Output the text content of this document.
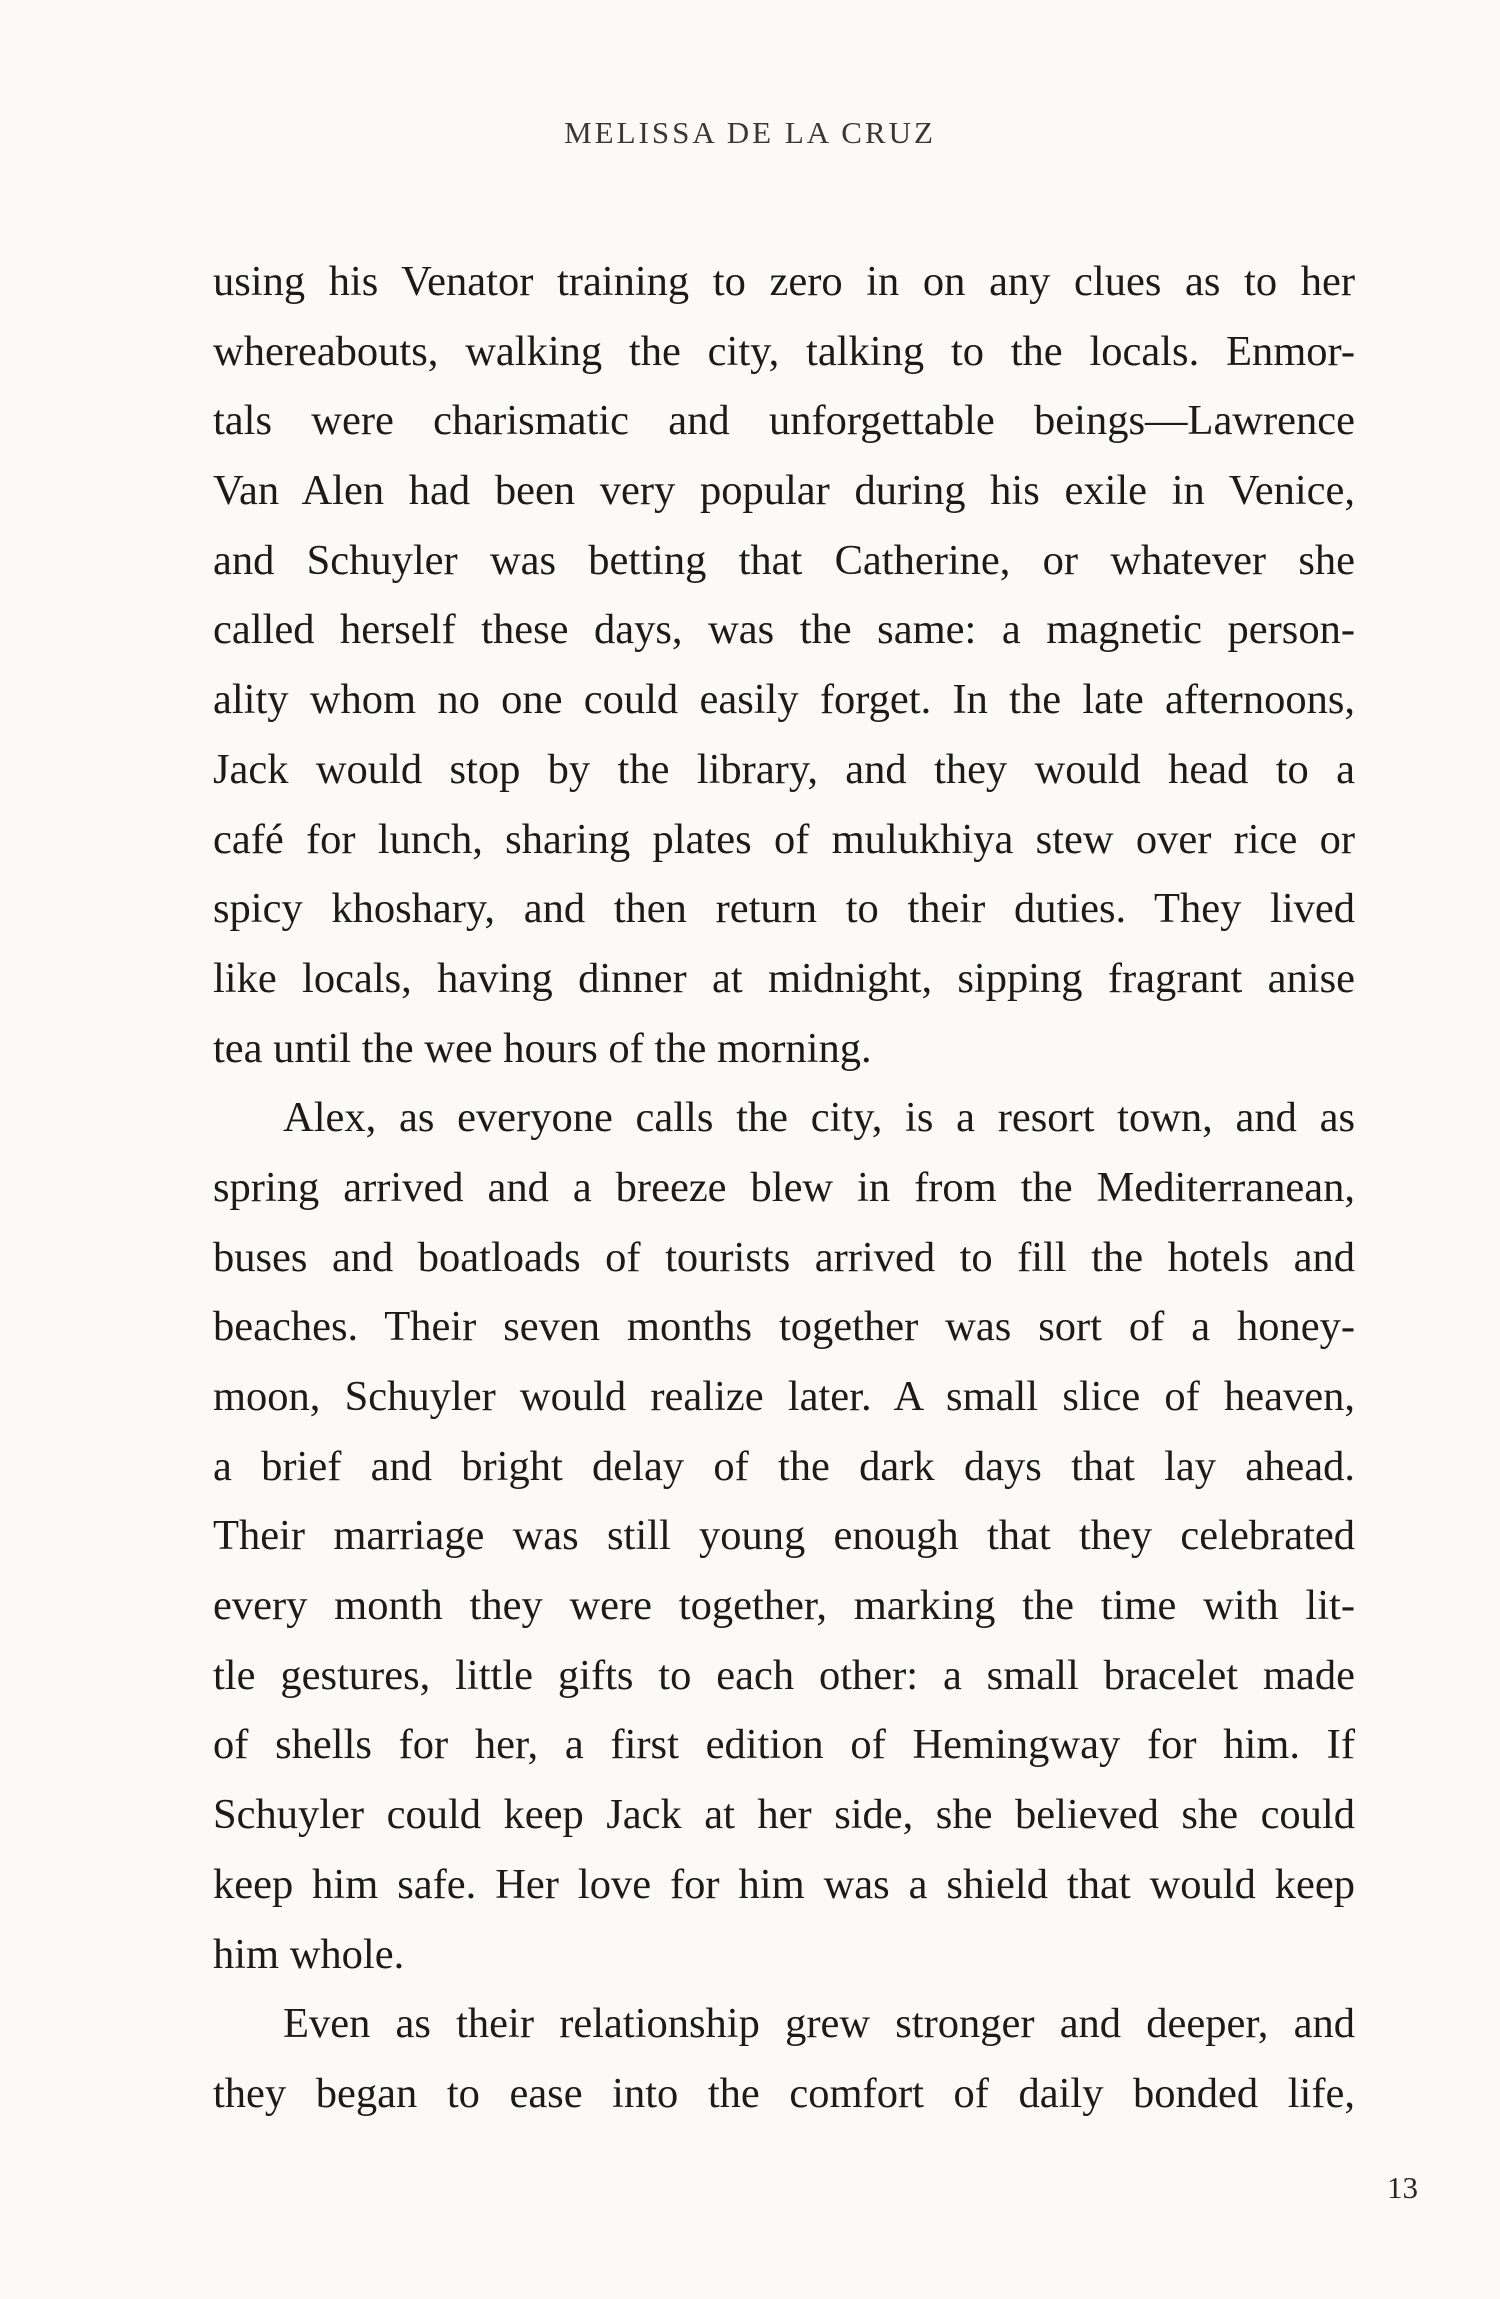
MELISSA DE LA CRUZ
using his Venator training to zero in on any clues as to her
whereabouts, walking the city, talking to the locals. Enmor-
tals were charismatic and unforgettable beings—Lawrence
Van Alen had been very popular during his exile in Venice,
and Schuyler was betting that Catherine, or whatever she
called herself these days, was the same: a magnetic person-
ality whom no one could easily forget. In the late afternoons,
Jack would stop by the library, and they would head to a
café for lunch, sharing plates of mulukhiya stew over rice or
spicy khoshary, and then return to their duties. They lived
like locals, having dinner at midnight, sipping fragrant anise
tea until the wee hours of the morning.
Alex, as everyone calls the city, is a resort town, and as
spring arrived and a breeze blew in from the Mediterranean,
buses and boatloads of tourists arrived to fill the hotels and
beaches. Their seven months together was sort of a honey-
moon, Schuyler would realize later. A small slice of heaven,
a brief and bright delay of the dark days that lay ahead.
Their marriage was still young enough that they celebrated
every month they were together, marking the time with lit-
tle gestures, little gifts to each other: a small bracelet made
of shells for her, a first edition of Hemingway for him. If
Schuyler could keep Jack at her side, she believed she could
keep him safe. Her love for him was a shield that would keep
him whole.
Even as their relationship grew stronger and deeper, and
they began to ease into the comfort of daily bonded life,
13
